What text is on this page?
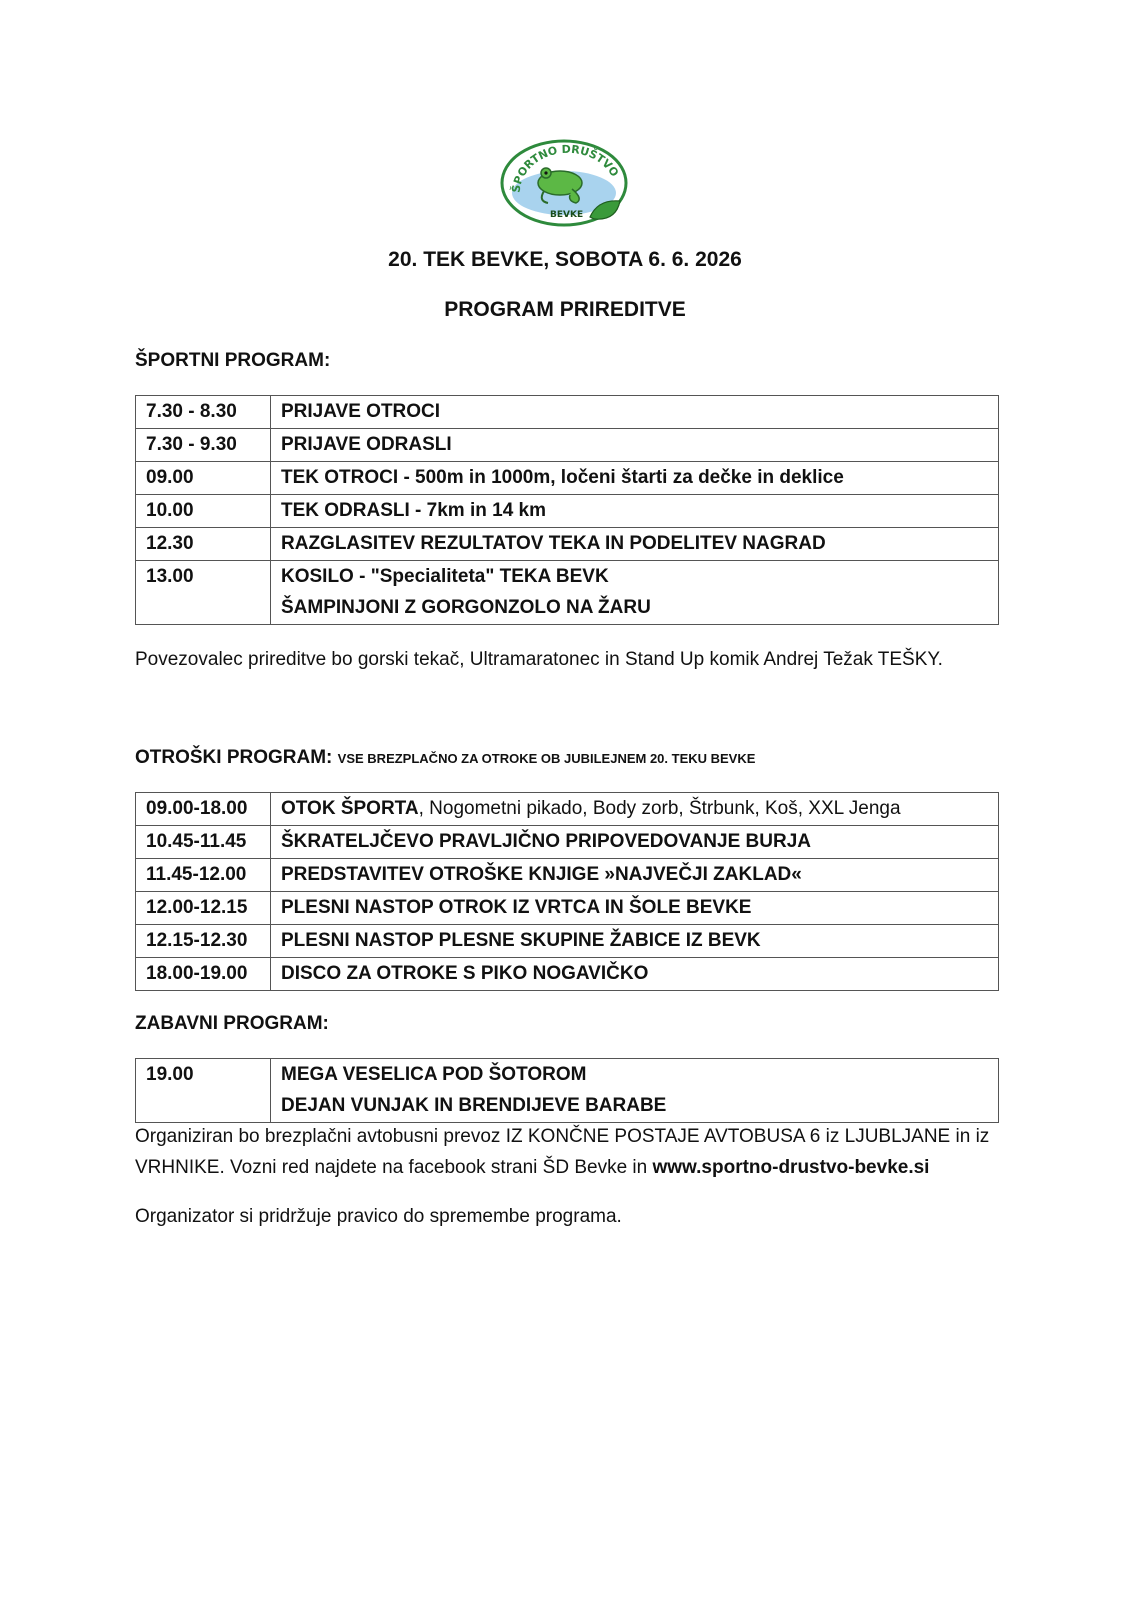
ŠPORTNO DRUŠTVO
BEVKE
20. TEK BEVKE, SOBOTA 6. 6. 2026
PROGRAM PRIREDITVE
ŠPORTNI PROGRAM:
7.30 - 8.30	PRIJAVE OTROCI
7.30 - 9.30	PRIJAVE ODRASLI
09.00	TEK OTROCI - 500m in 1000m, ločeni štarti za dečke in deklice
10.00	TEK ODRASLI - 7km in 14 km
12.30	RAZGLASITEV REZULTATOV TEKA IN PODELITEV NAGRAD
13.00	KOSILO - "Specialiteta" TEKA BEVK
ŠAMPINJONI Z GORGONZOLO NA ŽARU

Povezovalec prireditve bo gorski tekač, Ultramaratonec in Stand Up komik Andrej Težak TEŠKY.

OTROŠKI PROGRAM: VSE BREZPLAČNO ZA OTROKE OB JUBILEJNEM 20. TEKU BEVKE
09.00-18.00	OTOK ŠPORTA, Nogometni pikado, Body zorb, Štrbunk, Koš, XXL Jenga
10.45-11.45	ŠKRATELJČEVO PRAVLJIČNO PRIPOVEDOVANJE BURJA
11.45-12.00	PREDSTAVITEV OTROŠKE KNJIGE »NAJVEČJI ZAKLAD«
12.00-12.15	PLESNI NASTOP OTROK IZ VRTCA IN ŠOLE BEVKE
12.15-12.30	PLESNI NASTOP PLESNE SKUPINE ŽABICE IZ BEVK
18.00-19.00	DISCO ZA OTROKE S PIKO NOGAVIČKO
ZABAVNI PROGRAM:
19.00	MEGA VESELICA POD ŠOTOROM
DEJAN VUNJAK IN BRENDIJEVE BARABE

Organiziran bo brezplačni avtobusni prevoz IZ KONČNE POSTAJE AVTOBUSA 6 iz LJUBLJANE in iz VRHNIKE. Vozni red najdete na facebook strani ŠD Bevke in www.sportno-drustvo-bevke.si

Organizator si pridržuje pravico do spremembe programa.
